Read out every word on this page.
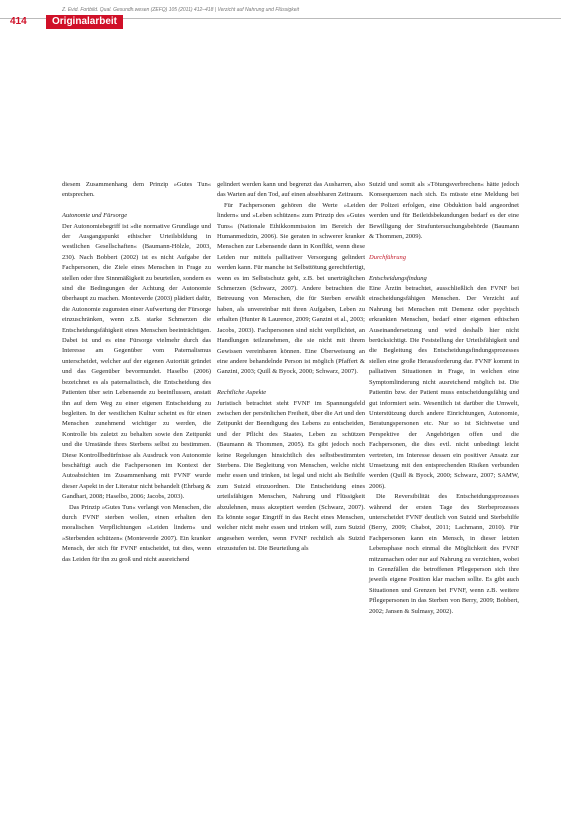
Z. Evid. Fortbild. Qual. Gesundh.wesen (ZEFQ) 105 (2011) 412–418 | Verzicht auf Nahrung und Flüssigkeit
414	Originalarbeit

diesem Zusammenhang dem Prinzip »Gutes Tun« entsprechen.

Autonomie und Fürsorge

Der Autonomiebegriff ist »die normative Grundlage und der Ausgangspunkt ethischer Urteilsbildung in westlichen Gesellschaften« (Baumann-Hölzle, 2003, 230). Nach Bobbert (2002) ist es nicht Aufgabe der Fachpersonen, die Ziele eines Menschen in Frage zu stellen oder ihre Sinnmäßigkeit zu beurteilen, sondern es sind die Bedingungen der Achtung der Autonomie überhaupt zu machen. Monteverde (2003) plädiert dafür, die Autonomie zugunsten einer Aufwertung der Fürsorge einzuschränken, wenn z.B. starke Schmerzen die Entscheidungsfähigkeit eines Menschen beeinträchtigen. Dabei ist und es eine Fürsorge vielmehr durch das Interesse am Gegenüber vom Paternalismus unterscheidet, welcher auf der eigenen Autorität gründet und das Gegenüber bevormundet. Haselbo (2006) bezeichnet es als paternalistisch, die Entscheidung des Patienten über sein Lebensende zu beeinflussen, anstatt ihn auf dem Weg zu einer eigenen Entscheidung zu begleiten. In der westlichen Kultur scheint es für einen Menschen zunehmend wichtiger zu werden, die Kontrolle bis zuletzt zu behalten sowie den Zeitpunkt und die Umstände ihres Sterbens selbst zu bestimmen. Diese Kontrollbedürfnisse als Ausdruck von Autonomie beschäftigt auch die Fachpersonen im Kontext der Autoabsichten im Zusammenhang mit FVNF wurde dieser Aspekt in der Literatur nicht behandelt (Ehrbarg & Gandhari, 2008; Haselbo, 2006; Jacobs, 2003).

Das Prinzip »Gutes Tun« verlangt von Menschen, die durch FVNF sterben wollen, einen erhalten den moralischen Verpflichtungen »Leiden lindern« und »Sterbenden schützen« (Monteverde 2007). Ein kranker Mensch, der sich für FVNF entscheidet, tut dies, wenn das Leiden für ihn zu groß und nicht ausreichend

gelindert werden kann und begrenzt das Ausharren, also das Warten auf den Tod, auf einen absehbaren Zeitraum.

Für Fachpersonen gehören die Werte »Leiden lindern« und »Leben schützen« zum Prinzip des »Gutes Tuns« (Nationale Ethikkommission im Bereich der Humanmedizin, 2006). Sie geraten in schwerer kranker Menschen zur Lebensende dann in Konflikt, wenn diese Leiden nur mittels palliativer Versorgung gelindert werden kann. Für manche ist Selbsttötung gerechtfertigt, wenn es im Selbstschutz geht, z.B. bei unerträglichen Schmerzen (Schwarz, 2007). Andere betrachten die Betreuung von Menschen, die für Sterben erwählt haben, als unvereinbar mit ihren Aufgaben, Leben zu erhalten (Hunter & Laurence, 2009; Ganzini et al., 2003; Jacobs, 2003). Fachpersonen sind nicht verpflichtet, an Handlungen teilzunehmen, die sie nicht mit ihrem Gewissen vereinbaren können. Eine Überweisung an eine andere behandelnde Person ist möglich (Pfaffert & Ganzini, 2003; Quill & Byock, 2000; Schwarz, 2007).

Rechtliche Aspekte

Juristisch betrachtet steht FVNF im Spannungsfeld zwischen der persönlichen Freiheit, über die Art und den Zeitpunkt der Beendigung des Lebens zu entscheiden, und der Pflicht des Staates, Leben zu schützen (Baumann & Thommen, 2005). Es gibt jedoch noch keine Regelungen hinsichtlich des selbstbestimmten Sterbens. Die Begleitung von Menschen, welche nicht mehr essen und trinken, ist legal und nicht als Beihilfe zum Suizid einzuordnen. Die Entscheidung eines urteilsfähigen Menschen, Nahrung und Flüssigkeit abzulehnen, muss akzeptiert werden (Schwarz, 2007). Es könnte sogar Eingriff in das Recht eines Menschen, welcher nicht mehr essen und trinken will, zum Suizid angesehen werden, wenn FVNF rechtlich als Suizid einzustufen ist. Die Beurteilung als

Suizid und somit als »Tötungsverbrechen« hätte jedoch Konsequenzen nach sich. Es müsste eine Meldung bei der Polizei erfolgen, eine Obduktion bald angeordnet werden und für Beileidsbekundungen bedarf es der eine Bewilligung der Strafuntersuchungsbehörde (Baumann & Thommen, 2009).

Durchführung

Entscheidungsfindung

Eine Ärztin betrachtet, ausschließlich den FVNF bei einscheidungsfähigen Menschen. Der Verzicht auf Nahrung bei Menschen mit Demenz oder psychisch erkrankten Menschen, bedarf einer eigenen ethischen Auseinandersetzung und wird deshalb hier nicht berücksichtigt. Die Feststellung der Urteilsfähigkeit und die Begleitung des Entscheidungsfindungsprozesses stellen eine große Herausforderung dar. FVNF kommt in palliativen Situationen in Frage, in welchen eine Symptomlinderung nicht ausreichend möglich ist. Die Patientin bzw. der Patient muss entscheidungsfähig und gut informiert sein. Wesentlich ist darüber die Umwelt, Unterstützung durch andere Einrichtungen, Autonomie, Beratungspersonen etc. Nur so ist Sichtweise und Perspektive der Angehörigen offen und die Fachpersonen, die dies evtl. nicht unbedingt leicht vertreten, im Interesse dessen ein positiver Ansatz zur Umsetzung mit den entsprechenden Risiken verbunden werden (Quill & Byock, 2000; Schwarz, 2007; SAMW, 2006).

Die Reversibilität des Entscheidungsprozesses während der ersten Tage des Sterbeprozesses unterscheidet FVNF deutlich von Suizid und Sterbehilfe (Berry, 2009; Chabot, 2011; Lachmann, 2010). Für Fachpersonen kann ein Mensch, in dieser letzten Lebensphase noch einmal die Möglichkeit des FVNF mitzumachen oder nur auf Nahrung zu verzichten, wobei in Grenzfällen die betroffenen Pflegeperson sich ihre jeweils eigene Position klar machen sollte. Es gibt auch Situationen und Grenzen bei FVNF, wenn z.B. weitere Pflegepersonen in das Sterben von Berry, 2009; Bobbert, 2002; Jansen & Sulmasy, 2002).
